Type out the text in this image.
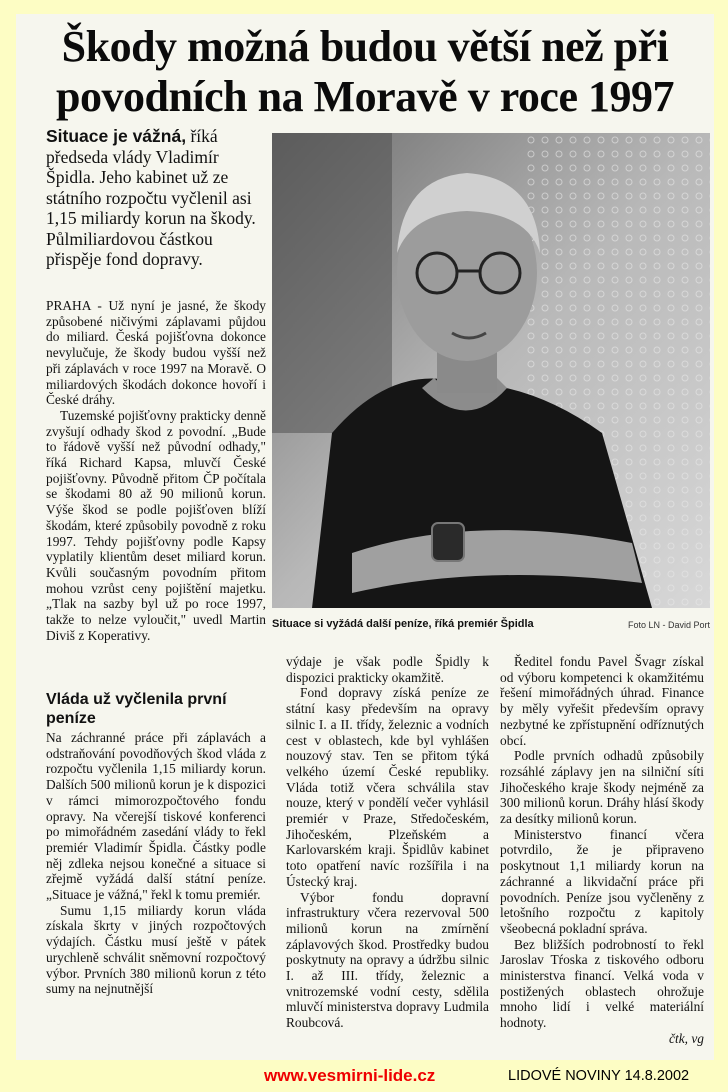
Škody možná budou větší než při povodních na Moravě v roce 1997
Situace je vážná, říká předseda vlády Vladimír Špidla. Jeho kabinet už ze státního rozpočtu vyčlenil asi 1,15 miliardy korun na škody. Půlmiliardovou částkou přispěje fond dopravy.

PRAHA - Už nyní je jasné, že škody způsobené ničivými záplavami půjdou do miliard. Česká pojišťovna dokonce nevylučuje, že škody budou vyšší než při záplavách v roce 1997 na Moravě. O miliardových škodách dokonce hovoří i České dráhy.

Tuzemské pojišťovny prakticky denně zvyšují odhady škod z povodní. „Bude to řádově vyšší než původní odhady," říká Richard Kapsa, mluvčí České pojišťovny. Původně přitom ČP počítala se škodami 80 až 90 milionů korun. Výše škod se podle pojišťoven blíží škodám, které způsobily povodně z roku 1997. Tehdy pojišťovny podle Kapsy vyplatily klientům deset miliard korun. Kvůli současným povodním přitom mohou vzrůst ceny pojištění majetku. „Tlak na sazby byl už po roce 1997, takže to nelze vyloučit," uvedl Martin Diviš z Koperativy.

Vláda už vyčlenila první peníze

Na záchranné práce při záplavách a odstraňování povodňových škod vláda z rozpočtu vyčlenila 1,15 miliardy korun. Dalších 500 milionů korun je k dispozici v rámci mimorozpočtového fondu opravy. Na včerejší tiskové konferenci po mimořádném zasedání vlády to řekl premiér Vladimír Špidla. Částky podle něj zdleka nejsou konečné a situace si zřejmě vyžádá další státní peníze. „Situace je vážná," řekl k tomu premiér.

Sumu 1,15 miliardy korun vláda získala škrty v jiných rozpočtových výdajích. Částku musí ještě v pátek urychleně schválit sněmovní rozpočtový výbor. Prvních 380 milionů korun z této sumy na nejnutnější

Situace si vyžádá další peníze, říká premiér Špidla	Foto LN - David Port

výdaje je však podle Špidly k dispozici prakticky okamžitě.

Fond dopravy získá peníze ze státní kasy především na opravy silnic I. a II. třídy, železnic a vodních cest v oblastech, kde byl vyhlášen nouzový stav. Ten se přitom týká velkého území České republiky. Vláda totiž včera schválila stav nouze, který v pondělí večer vyhlásil premiér v Praze, Středočeském, Jihočeském, Plzeňském a Karlovarském kraji. Špidlův kabinet toto opatření navíc rozšířila i na Ústecký kraj.

Výbor fondu dopravní infrastruktury včera rezervoval 500 milionů korun na zmírnění záplavových škod. Prostředky budou poskytnuty na opravy a údržbu silnic I. až III. třídy, železnic a vnitrozemské vodní cesty, sdělila mluvčí ministerstva dopravy Ludmila Roubcová.

Ředitel fondu Pavel Švagr získal od výboru kompetenci k okamžitému řešení mimořádných úhrad. Finance by měly vyřešit především opravy nezbytné ke zpřístupnění odříznutých obcí.

Podle prvních odhadů způsobily rozsáhlé záplavy jen na silniční síti Jihočeského kraje škody nejméně za 300 milionů korun. Dráhy hlásí škody za desítky milionů korun.

Ministerstvo financí včera potvrdilo, že je připraveno poskytnout 1,1 miliardy korun na záchranné a likvidační práce při povodních. Peníze jsou vyčleněny z letošního rozpočtu z kapitoly všeobecná pokladní správa.

Bez bližších podrobností to řekl Jaroslav Tŕoska z tiskového odboru ministerstva financí. Velká voda v postižených oblastech ohrožuje mnoho lidí i velké materiální hodnoty.

čtk, vg

www.vesmirni-lide.cz	LIDOVÉ NOVINY 14.8.2002
